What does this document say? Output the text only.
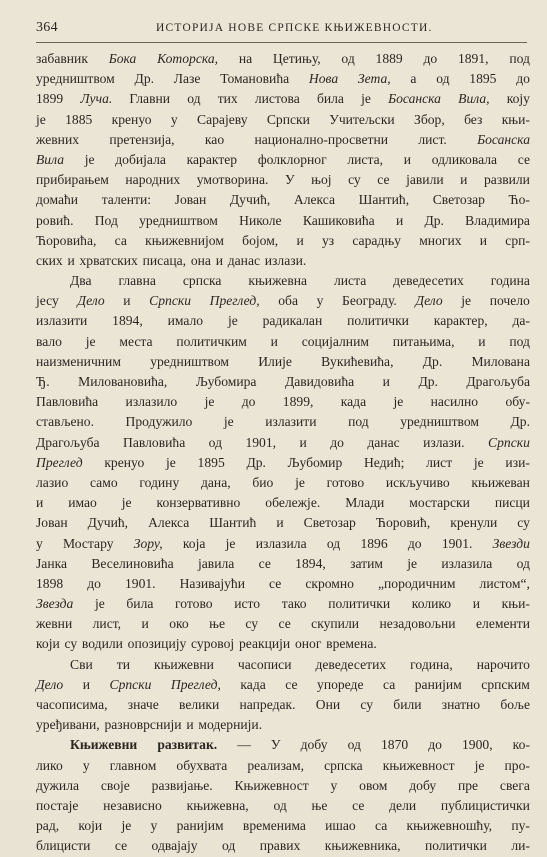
364	ИСТОРИЈА НОВЕ СРПСКЕ КЊИЖЕВНОСТИ.
забавник Бока Которска, на Цетињу, од 1889 до 1891, под
уредништвом Др. Лазе Томановића Нова Зета, а од 1895 до
1899 Луча. Главни од тих листова била је Босанска Вила, коју
је 1885 кренуо у Сарајеву Српски Учитељски Збор, без књи-
жевних претензија, као национално-просветни лист. Босанска
Вила је добијала карактер фолклорног листа, и одликовала се
прибирањем народних умотворина. У њој су се јавили и развили
домаћи таленти: Јован Дучић, Алекса Шантић, Светозар Ћо-
ровић. Под уредништвом Николе Кашиковића и Др. Владимира
Ћоровића, са књижевнијом бојом, и уз сарадњу многих и срп-
ских и хрватских писаца, она и данас излази.
Два главна српска књижевна листа деведесетих година
јесу Дело и Српски Преглед, оба у Београду. Дело је почело
излазити 1894, имало је радикалан политички карактер, да-
вало је места политичким и социјалним питањима, и под
наизменичним уредништвом Илије Вукићевића, Др. Милована
Ђ. Миловановића, Љубомира Давидовића и Др. Драгољуба
Павловића излазило је до 1899, када је насилно обу-
стављено. Продужило је излазити под уредништвом Др.
Драгољуба Павловића од 1901, и до данас излази. Српски
Преглед кренуо је 1895 Др. Љубомир Недић; лист је изи-
лазио само годину дана, био је готово искључиво књижеван
и имао је конзервативно обележје. Млади мостарски писци
Јован Дучић, Алекса Шантић и Светозар Ћоровић, кренули су
у Мостару Зору, која је излазила од 1896 до 1901. Звезди
Јанка Веселиновића јавила се 1894, затим је излазила од
1898 до 1901. Називајући се скромно „породичним листом“,
Звезда је била готово исто тако политички колико и књи-
жевни лист, и око ње су се скупили незадовољни елементи
који су водили опозицију суровој реакцији оног времена.
Сви ти књижевни часописи деведесетих година, нарочито
Дело и Српски Преглед, када се упореде са ранијим српским
часописима, значе велики напредак. Они су били знатно боље
уређивани, разноврснији и модернији.
Књижевни развитак. — У добу од 1870 до 1900, ко-
лико у главном обухвата реализам, српска књижевност је про-
дужила своје развијање. Књижевност у овом добу пре свега
постаје независно књижевна, од ње се дели публицистички
рад, који је у ранијим временима ишао са књижевношћу, пу-
блицисти се одвајају од правих књижевника, политички ли-
